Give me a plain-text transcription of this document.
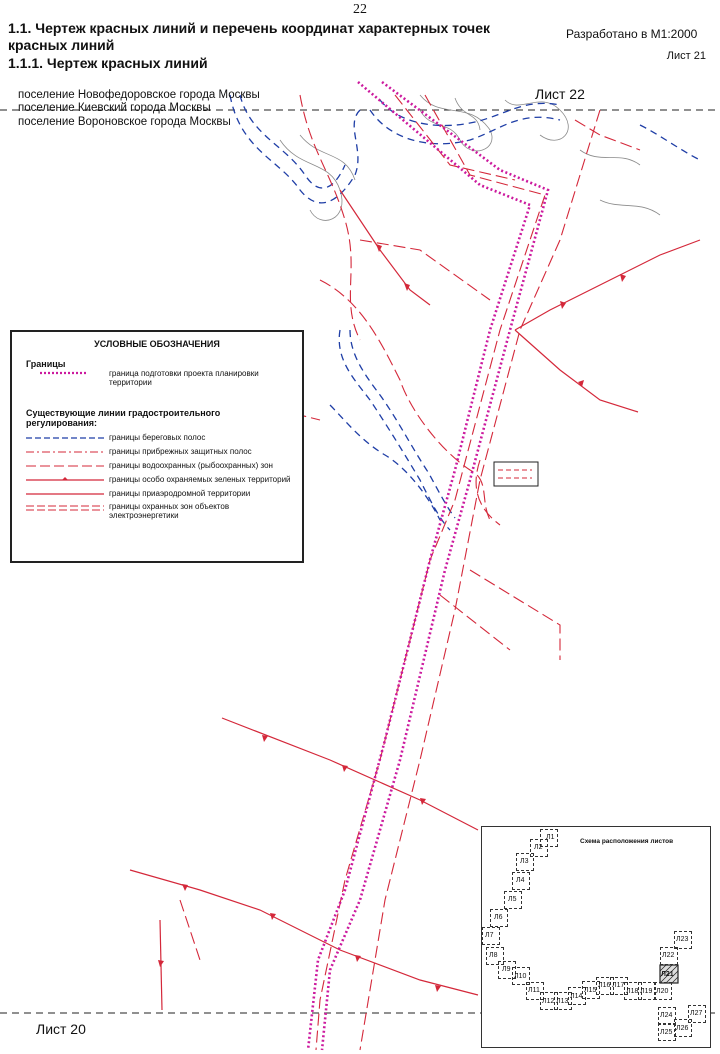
22
1.1. Чертеж красных линий и перечень координат характерных точек красных линий
1.1.1. Чертеж красных линий
Разработано в М1:2000
Лист 21
поселение Новофедоровское города Москвы
поселение Киевский города Москвы
поселение Вороновское города Москвы
Лист 22
Лист 20
УСЛОВНЫЕ ОБОЗНАЧЕНИЯ
Границы
граница подготовки проекта планировки территории
Существующие линии градостроительного регулирования:
границы береговых полос
границы прибрежных защитных полос
границы водоохранных (рыбоохранных) зон
границы особо охраняемых зеленых территорий
границы приаэродромной территории
границы охранных зон объектов электроэнергетики
Схема расположения листов
Л1
Л2
Л3
Л4
Л5
Л6
Л7
Л8
Л9
Л10
Л11
Л12 Л13
Л14
Л15
Л16 Л17
Л18 Л19 Л20
Л21
Л22
Л23
Л24
Л25
Л26
Л27
